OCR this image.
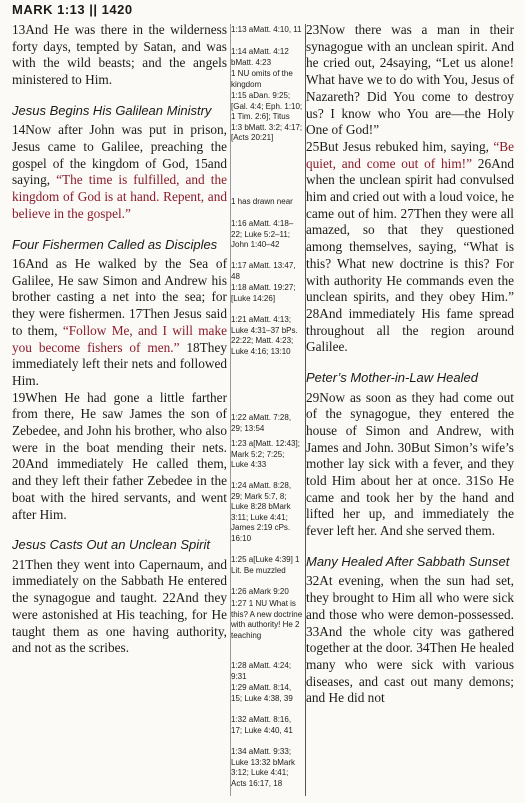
MARK 1:13 || 1420

13And He was there in the wilderness forty days, tempted by Satan, and was with the wild beasts; and the angels ministered to Him.

Jesus Begins His Galilean Ministry

14Now after John was put in prison, Jesus came to Galilee, preaching the gospel of the kingdom of God, 15and saying, “The time is fulfilled, and the kingdom of God is at hand. Repent, and believe in the gospel.”

Four Fishermen Called as Disciples

16And as He walked by the Sea of Galilee, He saw Simon and Andrew his brother casting a net into the sea; for they were fishermen. 17Then Jesus said to them, “Follow Me, and I will make you become fishers of men.” 18They immediately left their nets and followed Him.

19When He had gone a little farther from there, He saw James the son of Zebedee, and John his brother, who also were in the boat mending their nets. 20And immediately He called them, and they left their father Zebedee in the boat with the hired servants, and went after Him.

Jesus Casts Out an Unclean Spirit

21Then they went into Capernaum, and immediately on the Sabbath He entered the synagogue and taught. 22And they were astonished at His teaching, for He taught them as one having authority, and not as the scribes.

1:13 aMatt. 4:10, 11
1:14 aMatt. 4:12 bMatt. 4:23
1 NU omits of the kingdom
1:15 aDan. 9:25; [Gal. 4:4; Eph. 1:10; 1 Tim. 2:6]; Titus 1:3 bMatt. 3:2; 4:17; [Acts 20:21]
1 has drawn near
1:16 aMatt. 4:18–22; Luke 5:2–11; John 1:40–42
1:17 aMatt. 13:47, 48
1:18 aMatt. 19:27; [Luke 14:26]
1:21 aMatt. 4:13; Luke 4:31–37 bPs. 22:22; Matt. 4:23; Luke 4:16; 13:10
1:22 aMatt. 7:28, 29; 13:54
1:23 a[Matt. 12:43]; Mark 5:2; 7:25; Luke 4:33
1:24 aMatt. 8:28, 29; Mark 5:7, 8; Luke 8:28 bMark 3:11; Luke 4:41; James 2:19 cPs. 16:10
1:25 a[Luke 4:39] 1 Lit. Be muzzled
1:26 aMark 9:20
1:27 1 NU What is this? A new doctrine with authority! He 2 teaching
1:28 aMatt. 4:24; 9:31
1:29 aMatt. 8:14, 15; Luke 4:38, 39
1:32 aMatt. 8:16, 17; Luke 4:40, 41
1:34 aMatt. 9:33; Luke 13:32 bMark 3:12; Luke 4:41; Acts 16:17, 18

23Now there was a man in their synagogue with an unclean spirit. And he cried out, 24saying, “Let us alone! What have we to do with You, Jesus of Nazareth? Did You come to destroy us? I know who You are—the Holy One of God!”

25But Jesus rebuked him, saying, “Be quiet, and come out of him!” 26And when the unclean spirit had convulsed him and cried out with a loud voice, he came out of him. 27Then they were all amazed, so that they questioned among themselves, saying, “What is this? What new doctrine is this? For with authority He commands even the unclean spirits, and they obey Him.” 28And immediately His fame spread throughout all the region around Galilee.

Peter’s Mother-in-Law Healed

29Now as soon as they had come out of the synagogue, they entered the house of Simon and Andrew, with James and John. 30But Simon’s wife’s mother lay sick with a fever, and they told Him about her at once. 31So He came and took her by the hand and lifted her up, and immediately the fever left her. And she served them.

Many Healed After Sabbath Sunset

32At evening, when the sun had set, they brought to Him all who were sick and those who were demon-possessed. 33And the whole city was gathered together at the door. 34Then He healed many who were sick with various diseases, and cast out many demons; and He did not
